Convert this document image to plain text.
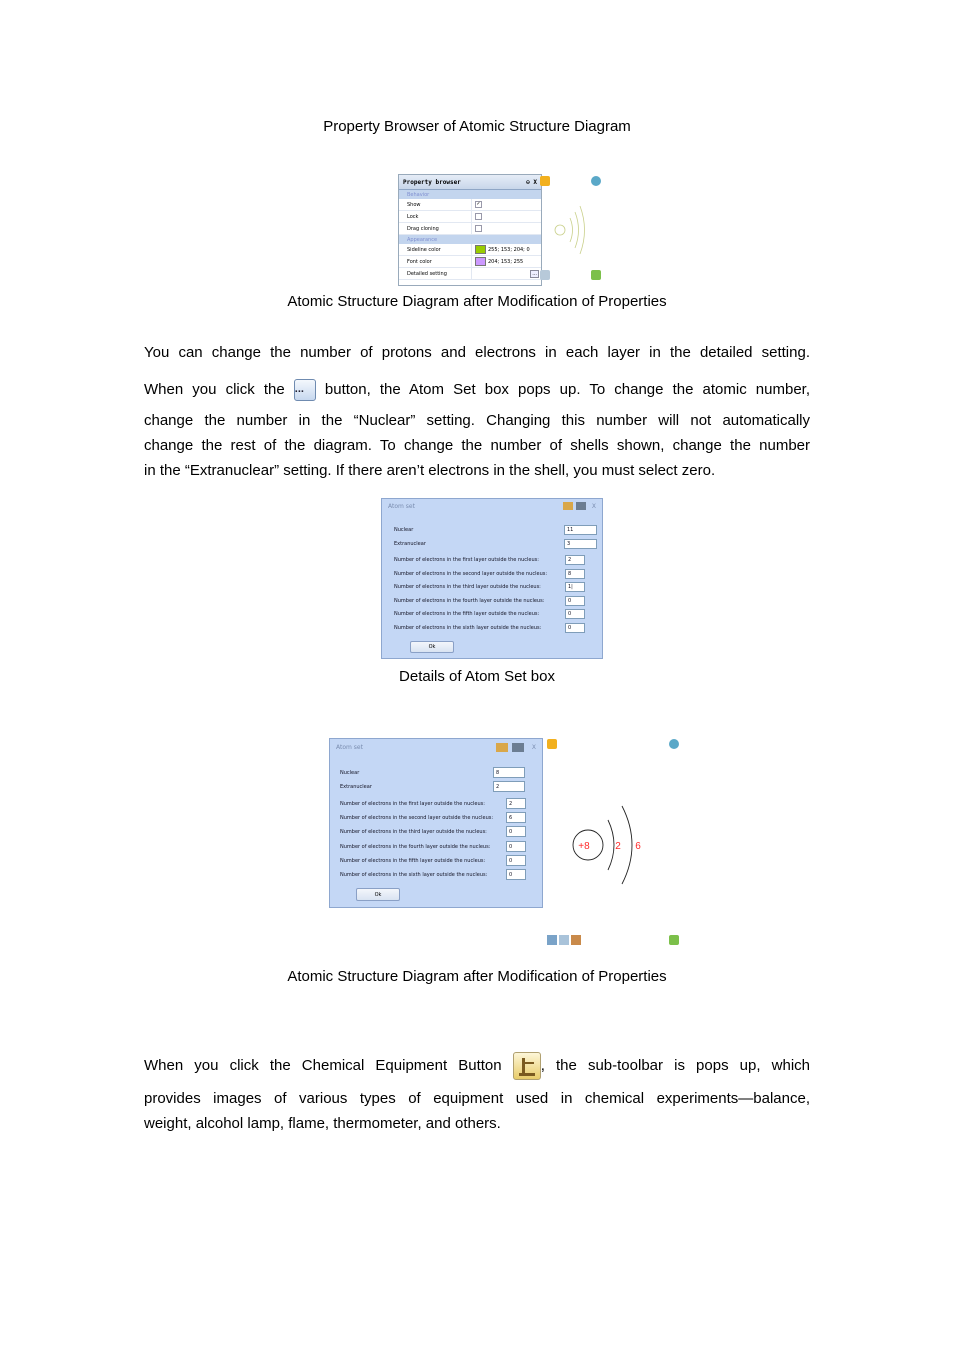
Property Browser of Atomic Structure Diagram
Property browser	⊖ X
Behavior
Show	✓
Lock
Drag cloning
Appearance
Sideline color	255; 153; 204; 0
Font color	204; 153; 255
Detailed setting	...
Atomic Structure Diagram after Modification of Properties
You can change the number of protons and electrons in each layer in the detailed setting.
When you click the ... button, the Atom Set box pops up. To change the atomic number,
change the number in the “Nuclear” setting. Changing this number will not automatically
change the rest of the diagram. To change the number of shells shown, change the number
in the “Extranuclear” setting. If there aren’t electrons in the shell, you must select zero.
Atom set	X
Nuclear	11
Extranuclear	3
Number of electrons in the first layer outside the nucleus:	2
Number of electrons in the second layer outside the nucleus:	8
Number of electrons in the third layer outside the nucleus:	1|
Number of electrons in the fourth layer outside the nucleus:	0
Number of electrons in the fifth layer outside the nucleus:	0
Number of electrons in the sixth layer outside the nucleus:	0
Ok
Details of Atom Set box
Atom set	X
Nuclear	8
Extranuclear	2
Number of electrons in the first layer outside the nucleus:	2
Number of electrons in the second layer outside the nucleus:	6
Number of electrons in the third layer outside the nucleus:	0
Number of electrons in the fourth layer outside the nucleus:	0
Number of electrons in the fifth layer outside the nucleus:	0
Number of electrons in the sixth layer outside the nucleus:	0
Ok
+8	2 6
Atomic Structure Diagram after Modification of Properties
When you click the Chemical Equipment Button	, the sub-toolbar is pops up, which
provides images of various types of equipment used in chemical experiments—balance,
weight, alcohol lamp, flame, thermometer, and others.
